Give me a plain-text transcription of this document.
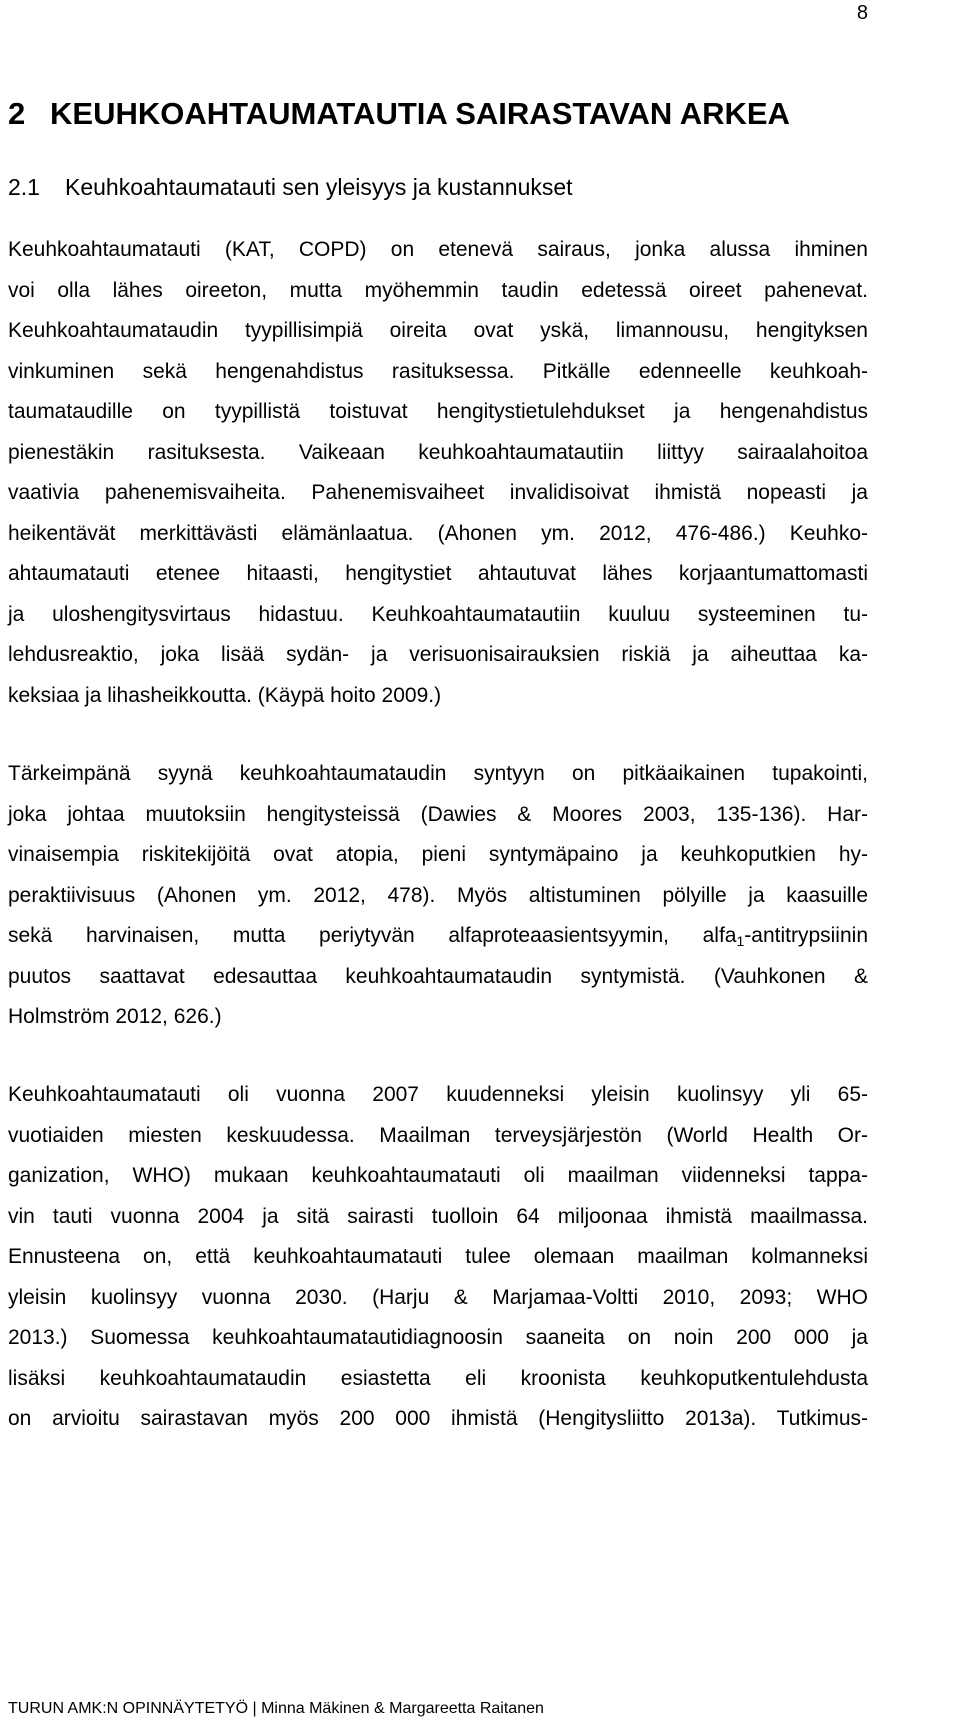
8
2 KEUHKOAHTAUMATAUTIA SAIRASTAVAN ARKEA
2.1 Keuhkoahtaumatauti sen yleisyys ja kustannukset
Keuhkoahtaumatauti (KAT, COPD) on etenevä sairaus, jonka alussa ihminen
voi olla lähes oireeton, mutta myöhemmin taudin edetessä oireet pahenevat.
Keuhkoahtaumataudin tyypillisimpiä oireita ovat yskä, limannousu, hengityksen
vinkuminen sekä hengenahdistus rasituksessa. Pitkälle edenneelle keuhkoah-
taumataudille on tyypillistä toistuvat hengitystietulehdukset ja hengenahdistus
pienestäkin rasituksesta. Vaikeaan keuhkoahtaumatautiin liittyy sairaalahoitoa
vaativia pahenemisvaiheita. Pahenemisvaiheet invalidisoivat ihmistä nopeasti ja
heikentävät merkittävästi elämänlaatua. (Ahonen ym. 2012, 476-486.) Keuhko-
ahtaumatauti etenee hitaasti, hengitystiet ahtautuvat lähes korjaantumattomasti
ja uloshengitysvirtaus hidastuu. Keuhkoahtaumatautiin kuuluu systeeminen tu-
lehdusreaktio, joka lisää sydän- ja verisuonisairauksien riskiä ja aiheuttaa ka-
keksiaa ja lihasheikkoutta. (Käypä hoito 2009.)
Tärkeimpänä syynä keuhkoahtaumataudin syntyyn on pitkäaikainen tupakointi,
joka johtaa muutoksiin hengitysteissä (Dawies & Moores 2003, 135-136). Har-
vinaisempia riskitekijöitä ovat atopia, pieni syntymäpaino ja keuhkoputkien hy-
peraktiivisuus (Ahonen ym. 2012, 478). Myös altistuminen pölyille ja kaasuille
sekä harvinaisen, mutta periytyvän alfaproteaasientsyymin, alfa$_1$-antitrypsiinin
puutos saattavat edesauttaa keuhkoahtaumataudin syntymistä. (Vauhkonen &
Holmström 2012, 626.)
Keuhkoahtaumatauti oli vuonna 2007 kuudenneksi yleisin kuolinsyy yli 65-
vuotiaiden miesten keskuudessa. Maailman terveysjärjestön (World Health Or-
ganization, WHO) mukaan keuhkoahtaumatauti oli maailman viidenneksi tappa-
vin tauti vuonna 2004 ja sitä sairasti tuolloin 64 miljoonaa ihmistä maailmassa.
Ennusteena on, että keuhkoahtaumatauti tulee olemaan maailman kolmanneksi
yleisin kuolinsyy vuonna 2030. (Harju & Marjamaa-Voltti 2010, 2093; WHO
2013.) Suomessa keuhkoahtaumatautidiagnoosin saaneita on noin 200 000 ja
lisäksi keuhkoahtaumataudin esiastetta eli kroonista keuhkoputkentulehdusta
on arvioitu sairastavan myös 200 000 ihmistä (Hengitysliitto 2013a). Tutkimus-
TURUN AMK:N OPINNÄYTETYÖ | Minna Mäkinen & Margareetta Raitanen
